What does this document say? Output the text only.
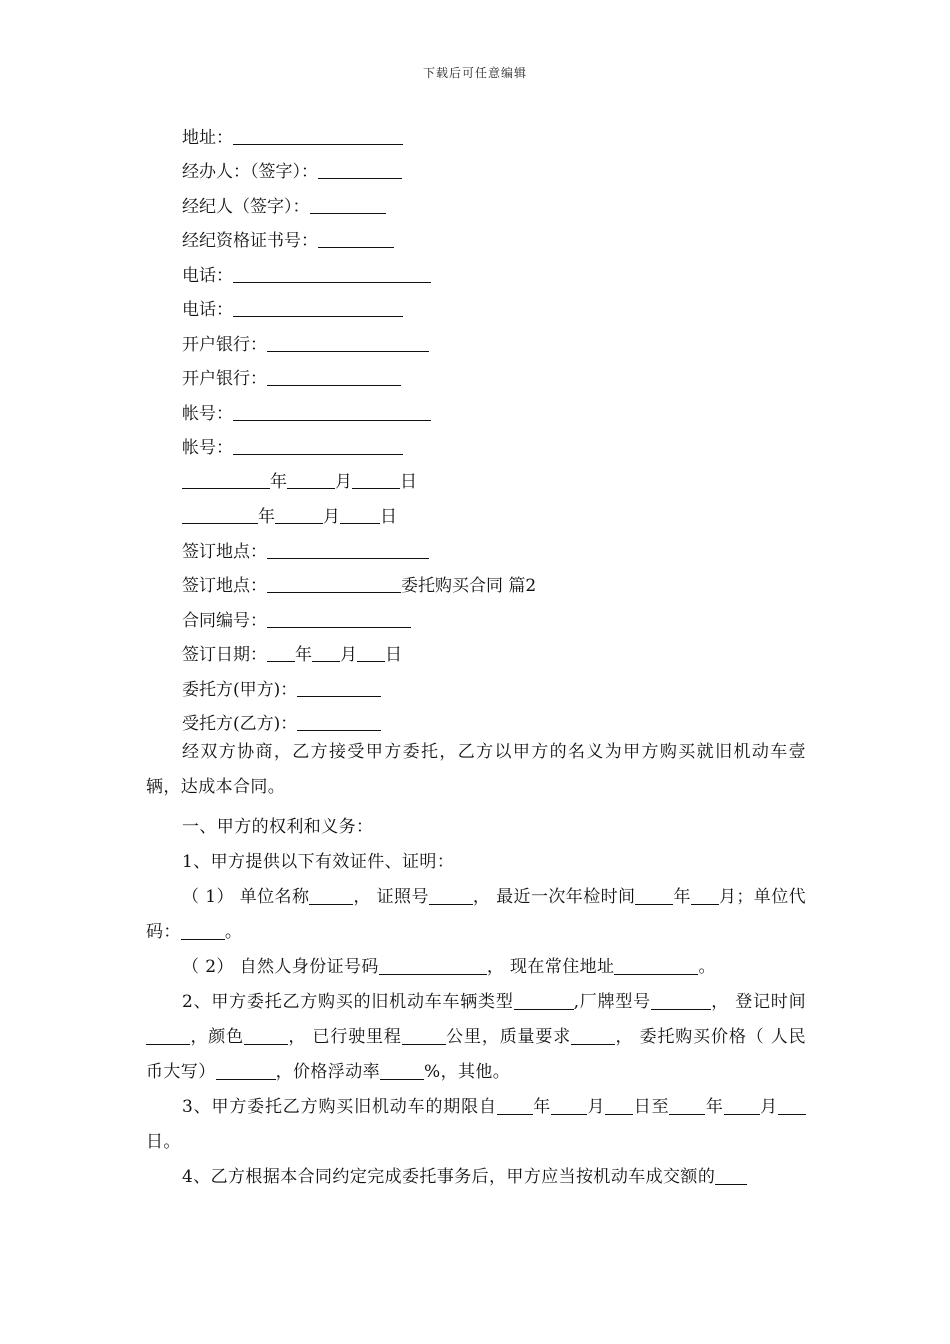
下载后可任意编辑
地址：
经办人：（签字）：
经纪人（签字）：
经纪资格证书号：
电话：
电话：
开户银行：
开户银行：
帐号：
帐号：
年	月	日
年	月 日
签订地点：
签订地点：	委托购买合同 篇2
合同编号：
签订日期： 年 月 日
委托方(甲方)：
受托方(乙方)：

经双方协商，乙方接受甲方委托，乙方以甲方的名义为甲方购买就旧机动车壹辆，达成本合同。

一、甲方的权利和义务：

1、甲方提供以下有效证件、证明：

（ 1） 单位名称	， 证照号	， 最近一次年检时间 年 月；单位代码：	。

（ 2） 自然人身份证号码	， 现在常住地址	。

2、甲方委托乙方购买的旧机动车车辆类型	,厂牌型号	， 登记时间 ，颜色	， 已行驶里程	公里，质量要求	， 委托购买价格（ 人民币大写）	，价格浮动率	%，其他。

3、甲方委托乙方购买旧机动车的期限自 年 月 日至 年 月日。

4、乙方根据本合同约定完成委托事务后，甲方应当按机动车成交额的
